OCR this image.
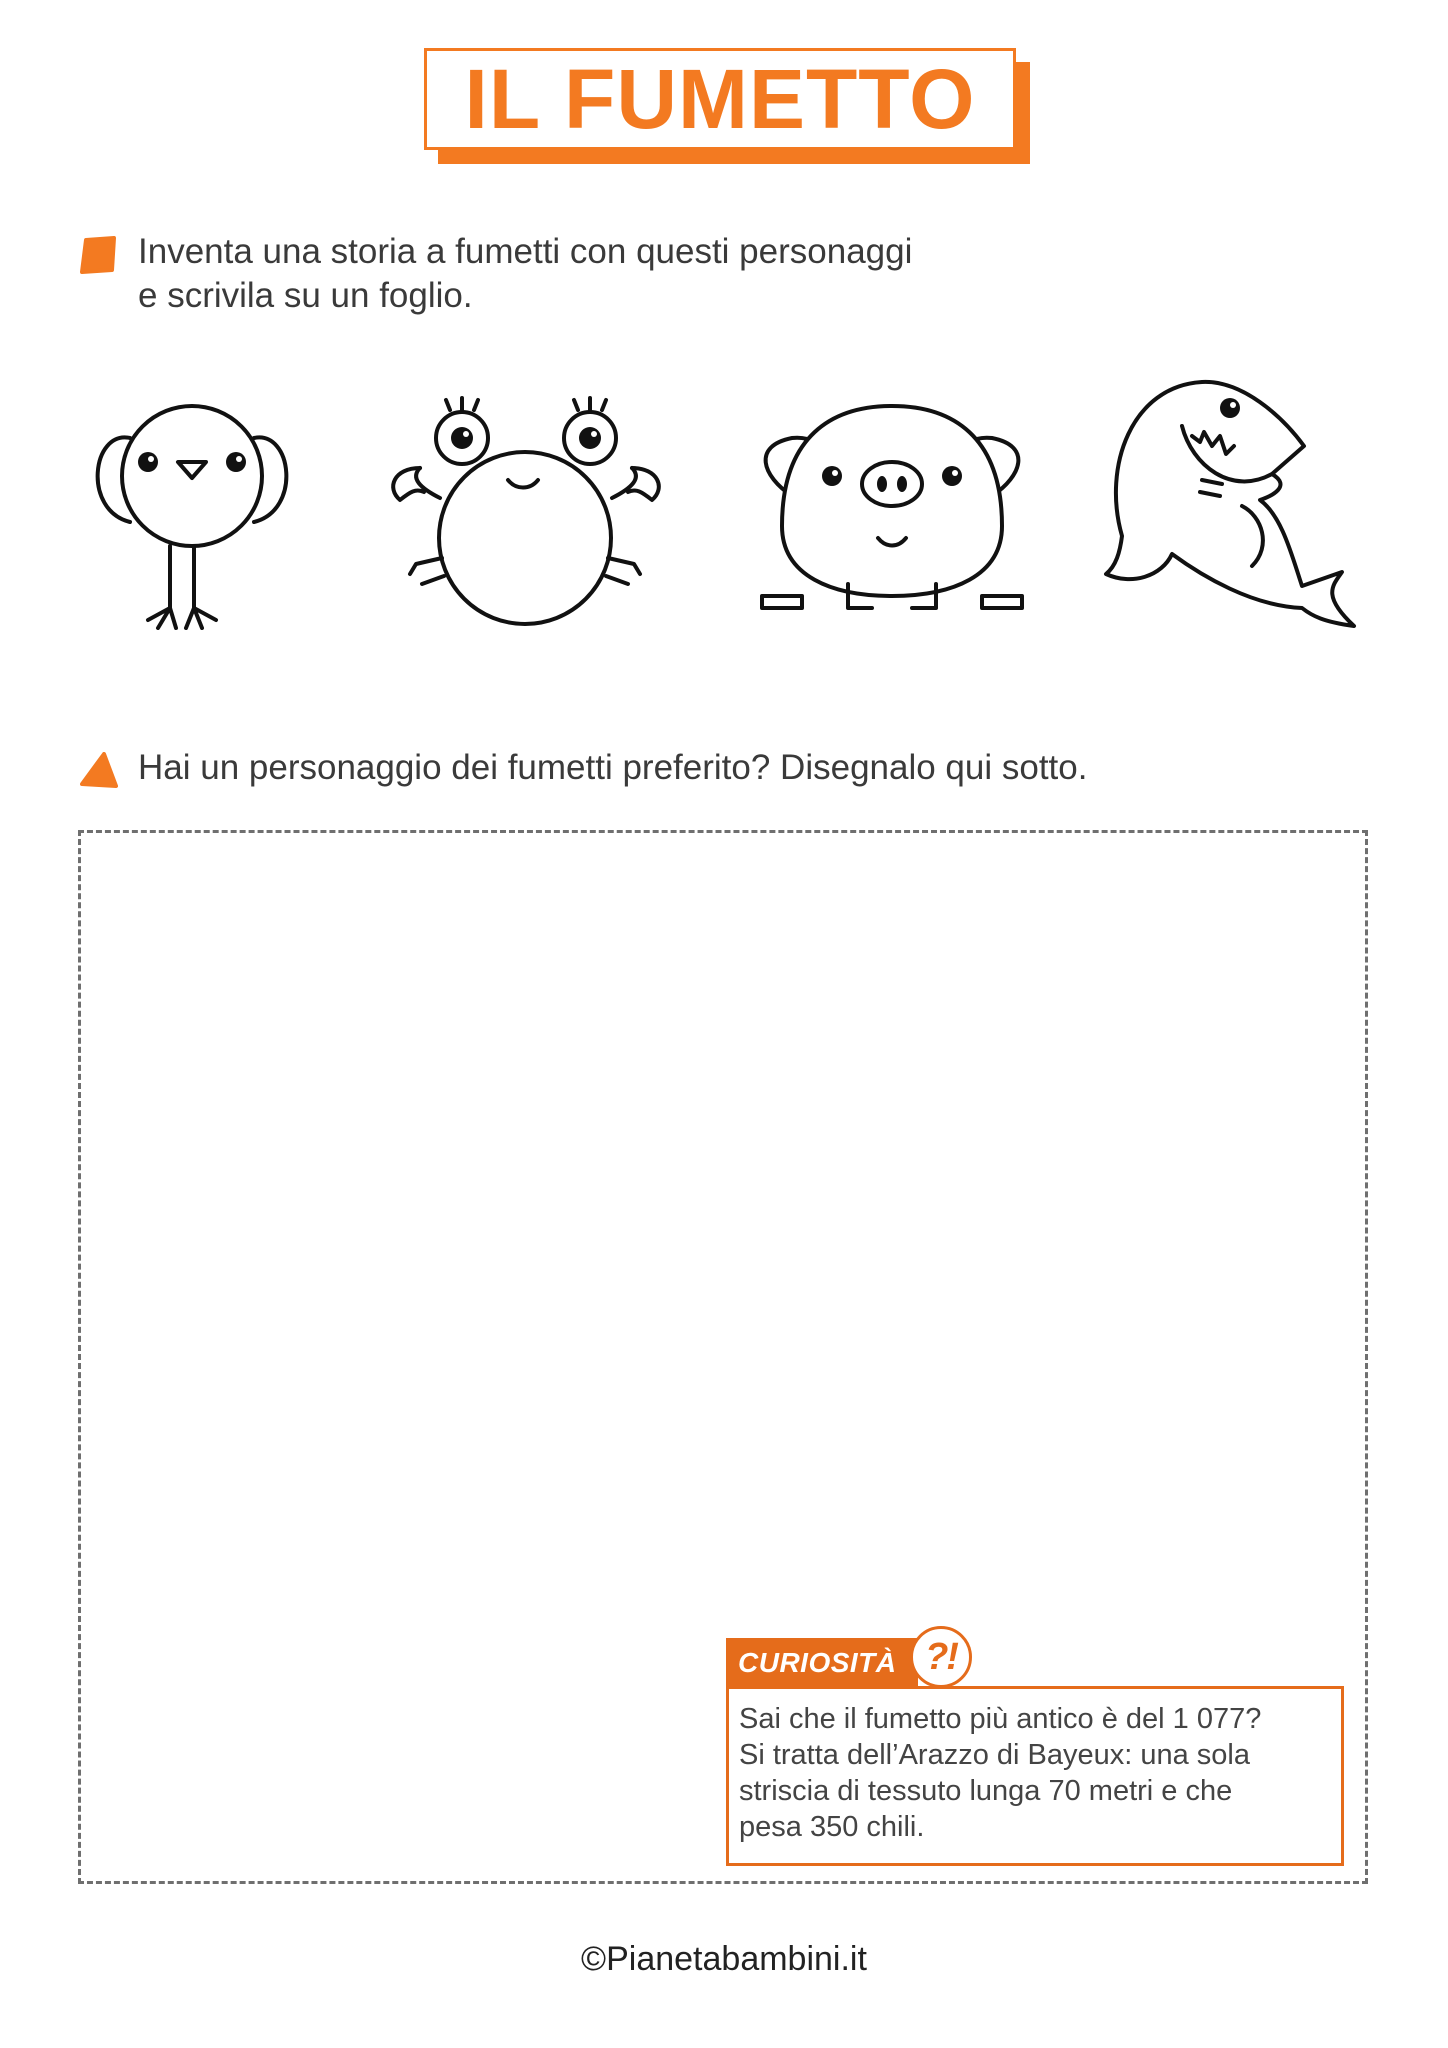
IL FUMETTO
Inventa una storia a fumetti con questi personaggi
e scrivila su un foglio.
Hai un personaggio dei fumetti preferito? Disegnalo qui sotto.
CURIOSITÀ ?!
Sai che il fumetto più antico è del 1 077?
Si tratta dell’Arazzo di Bayeux: una sola
striscia di tessuto lunga 70 metri e che
pesa 350 chili.
©Pianetabambini.it
